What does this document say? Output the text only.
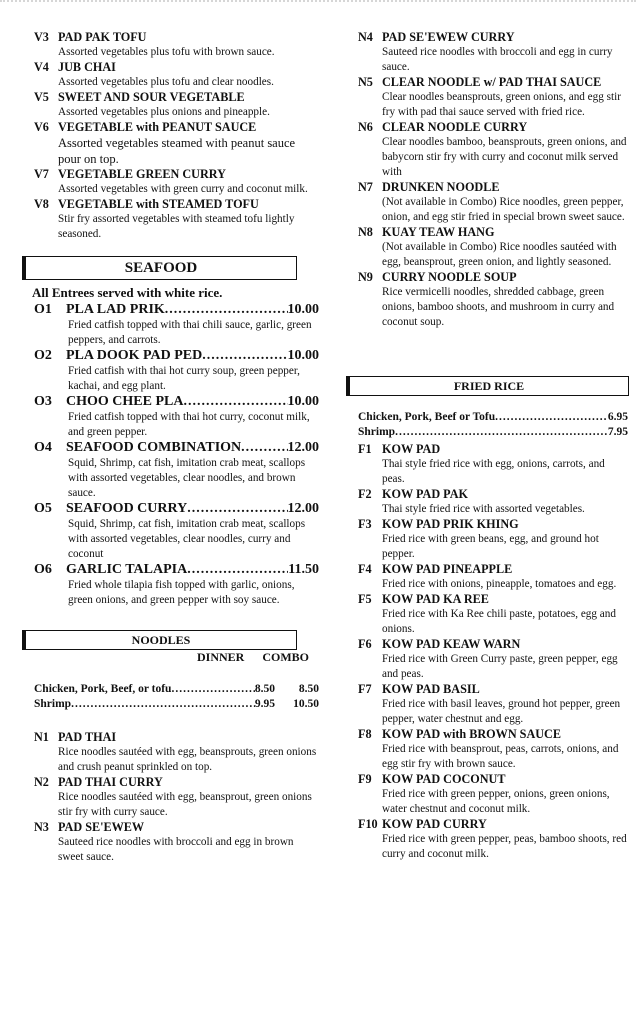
V3 PAD PAK TOFU
Assorted vegetables plus tofu with brown sauce.
V4 JUB CHAI
Assorted vegetables plus tofu and clear noodles.
V5 SWEET AND SOUR VEGETABLE
Assorted vegetables plus onions and pineapple.
V6 VEGETABLE with PEANUT SAUCE
Assorted vegetables steamed with peanut sauce pour on top.
V7 VEGETABLE GREEN CURRY
Assorted vegetables with green curry and coconut milk.
V8 VEGETABLE with STEAMED TOFU
Stir fry assorted vegetables with steamed tofu lightly seasoned.
SEAFOOD
All Entrees served with white rice.
O1	PLA LAD PRIK .....	10.00
Fried catfish topped with thai chili sauce, garlic, green peppers, and carrots.
O2	PLA DOOK PAD PED .....	10.00
Fried catfish with thai hot curry soup, green pepper, kachai, and egg plant.
O3	CHOO CHEE PLA .....	10.00
Fried catfish topped with thai hot curry, coconut milk, and green pepper.
O4	SEAFOOD COMBINATION .....	12.00
Squid, Shrimp, cat fish, imitation crab meat, scallops with assorted vegetables, clear noodles, and brown sauce.
O5	SEAFOOD CURRY .....	12.00
Squid, Shrimp, cat fish, imitation crab meat, scallops with assorted vegetables, clear noodles, curry and coconut
O6	GARLIC TALAPIA .....	11.50
Fried whole tilapia fish topped with garlic, onions, green onions, and green pepper with soy sauce.
NOODLES
DINNER COMBO
Chicken, Pork, Beef, or tofu .....	8.50	8.50
Shrimp .....	9.95	10.50
N1 PAD THAI
Rice noodles sautéed with egg, beansprouts, green onions and crush peanut sprinkled on top.
N2 PAD THAI CURRY
Rice noodles sautéed with egg, beansprout, green onions stir fry with curry sauce.
N3 PAD SE'EWEW
Sauteed rice noodles with broccoli and egg in brown sweet sauce.
N4 PAD SE'EWEW CURRY
Sauteed rice noodles with broccoli and egg in curry sauce.
N5 CLEAR NOODLE w/ PAD THAI SAUCE
Clear noodles beansprouts, green onions, and egg stir fry with pad thai sauce served with fried rice.
N6 CLEAR NOODLE CURRY
Clear noodles bamboo, beansprouts, green onions, and babycorn stir fry with curry and coconut milk served with
N7 DRUNKEN NOODLE
(Not available in Combo) Rice noodles, green pepper, onion, and egg stir fried in special brown sweet sauce.
N8 KUAY TEAW HANG
(Not available in Combo) Rice noodles sautéed with egg, beansprout, green onion, and lightly seasoned.
N9 CURRY NOODLE SOUP
Rice vermicelli noodles, shredded cabbage, green onions, bamboo shoots, and mushroom in curry and coconut soup.
FRIED RICE
Chicken, Pork, Beef or Tofu .....	6.95
Shrimp .....	7.95
F1 KOW PAD
Thai style fried rice with egg, onions, carrots, and peas.
F2 KOW PAD PAK
Thai style fried rice with assorted vegetables.
F3 KOW PAD PRIK KHING
Fried rice with green beans, egg, and ground hot pepper.
F4 KOW PAD PINEAPPLE
Fried rice with onions, pineapple, tomatoes and egg.
F5 KOW PAD KA REE
Fried rice with Ka Ree chili paste, potatoes, egg and onions.
F6 KOW PAD KEAW WARN
Fried rice with Green Curry paste, green pepper, egg and peas.
F7 KOW PAD BASIL
Fried rice with basil leaves, ground hot pepper, green pepper, water chestnut and egg.
F8 KOW PAD with BROWN SAUCE
Fried rice with beansprout, peas, carrots, onions, and egg stir fry with brown sauce.
F9 KOW PAD COCONUT
Fried rice with green pepper, onions, green onions, water chestnut and coconut milk.
F10 KOW PAD CURRY
Fried rice with green pepper, peas, bamboo shoots, red curry and coconut milk.
